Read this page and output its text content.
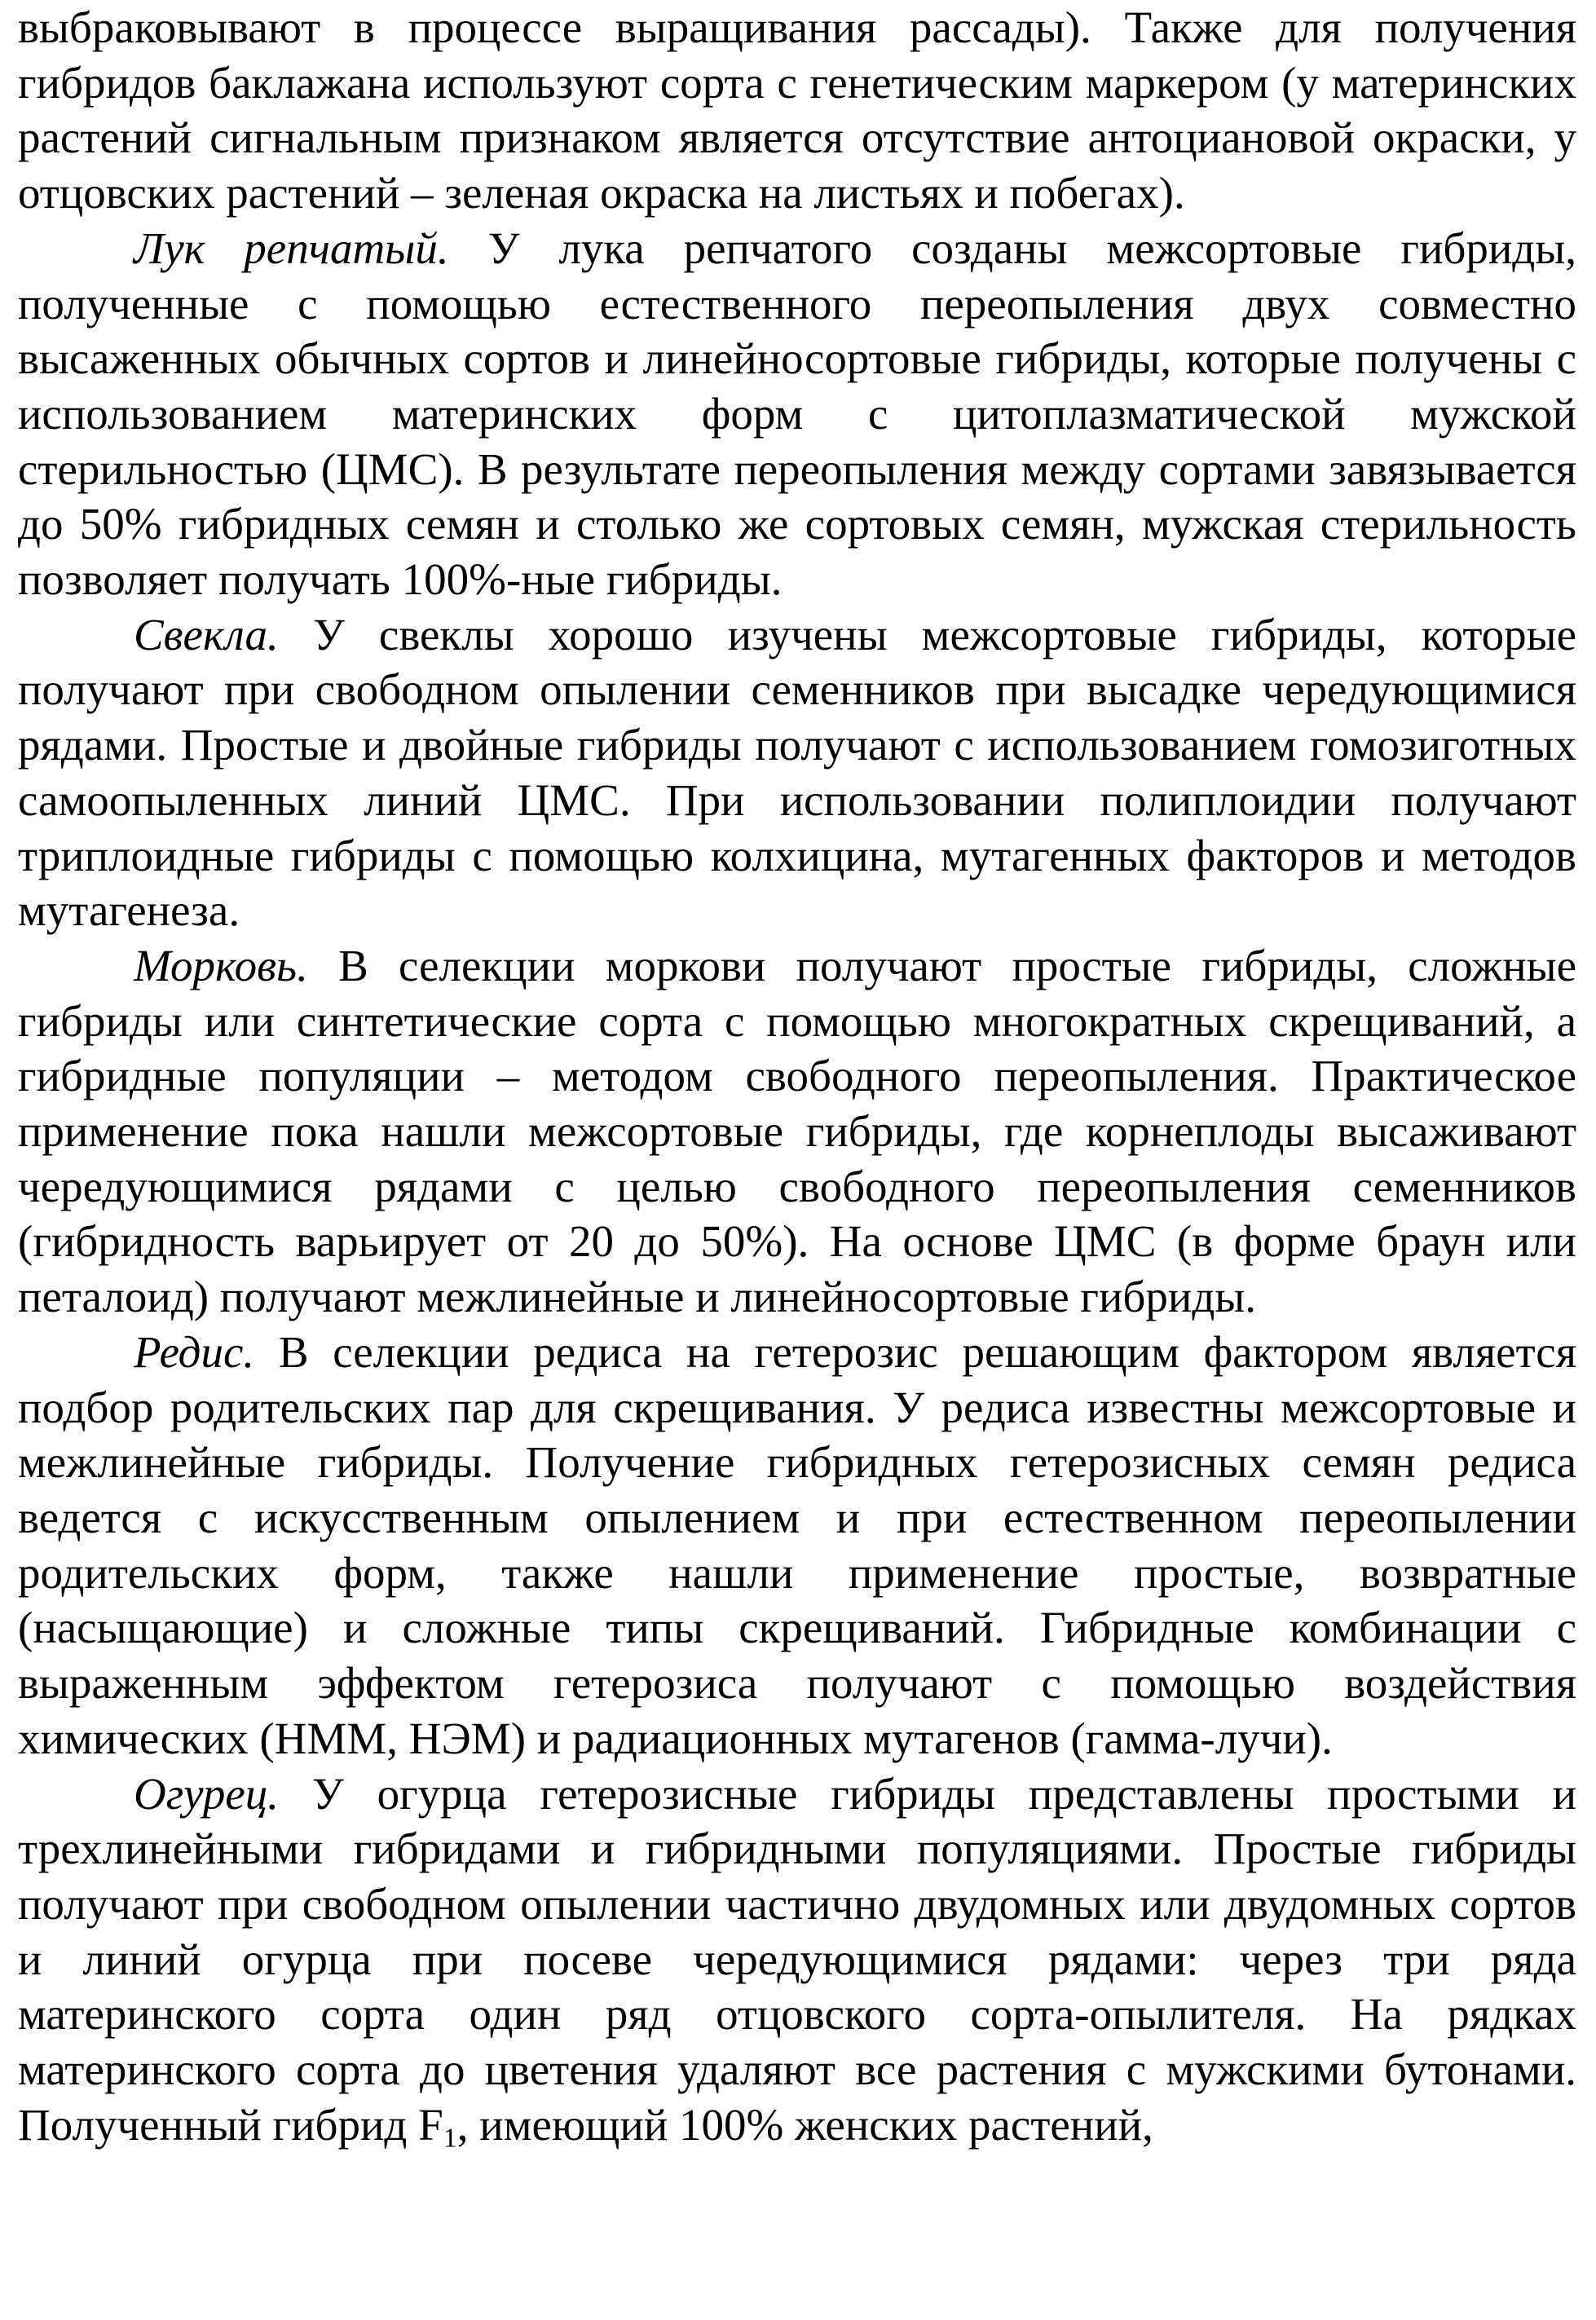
выбраковывают в процессе выращивания рассады). Также для получения гибридов баклажана используют сорта с генетическим маркером (у материнских растений сигнальным признаком является отсутствие антоциановой окраски, у отцовских растений – зеленая окраска на листьях и побегах).

Лук репчатый. У лука репчатого созданы межсортовые гибриды, полученные с помощью естественного переопыления двух совместно высаженных обычных сортов и линейносортовые гибриды, которые получены с использованием материнских форм с цитоплазматической мужской стерильностью (ЦМС). В результате переопыления между сортами завязывается до 50% гибридных семян и столько же сортовых семян, мужская стерильность позволяет получать 100%-ные гибриды.

Свекла. У свеклы хорошо изучены межсортовые гибриды, которые получают при свободном опылении семенников при высадке чередующимися рядами. Простые и двойные гибриды получают с использованием гомозиготных самоопыленных линий ЦМС. При использовании полиплоидии получают триплоидные гибриды с помощью колхицина, мутагенных факторов и методов мутагенеза.

Морковь. В селекции моркови получают простые гибриды, сложные гибриды или синтетические сорта с помощью многократных скрещиваний, а гибридные популяции – методом свободного переопыления. Практическое применение пока нашли межсортовые гибриды, где корнеплоды высаживают чередующимися рядами с целью свободного переопыления семенников (гибридность варьирует от 20 до 50%). На основе ЦМС (в форме браун или петалоид) получают межлинейные и линейносортовые гибриды.

Редис. В селекции редиса на гетерозис решающим фактором является подбор родительских пар для скрещивания. У редиса известны межсортовые и межлинейные гибриды. Получение гибридных гетерозисных семян редиса ведется с искусственным опылением и при естественном переопылении родительских форм, также нашли применение простые, возвратные (насыщающие) и сложные типы скрещиваний. Гибридные комбинации с выраженным эффектом гетерозиса получают с помощью воздействия химических (НММ, НЭМ) и радиационных мутагенов (гамма-лучи).

Огурец. У огурца гетерозисные гибриды представлены простыми и трехлинейными гибридами и гибридными популяциями. Простые гибриды получают при свободном опылении частично двудомных или двудомных сортов и линий огурца при посеве чередующимися рядами: через три ряда материнского сорта один ряд отцовского сорта-опылителя. На рядках материнского сорта до цветения удаляют все растения с мужскими бутонами. Полученный гибрид $F_1$, имеющий 100% женских растений,
